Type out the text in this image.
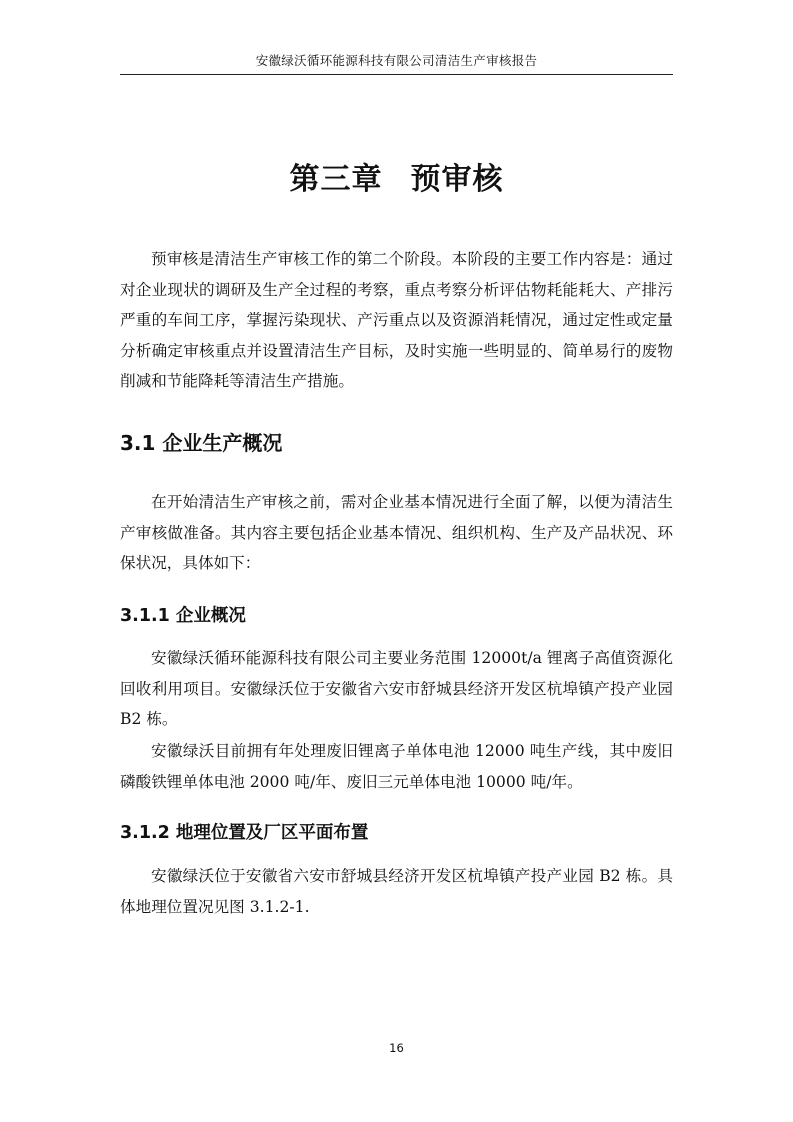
安徽绿沃循环能源科技有限公司清洁生产审核报告
第三章 预审核

预审核是清洁生产审核工作的第二个阶段。本阶段的主要工作内容是：通过对企业现状的调研及生产全过程的考察，重点考察分析评估物耗能耗大、产排污严重的车间工序，掌握污染现状、产污重点以及资源消耗情况，通过定性或定量分析确定审核重点并设置清洁生产目标，及时实施一些明显的、简单易行的废物削减和节能降耗等清洁生产措施。

3.1 企业生产概况

在开始清洁生产审核之前，需对企业基本情况进行全面了解，以便为清洁生产审核做准备。其内容主要包括企业基本情况、组织机构、生产及产品状况、环保状况，具体如下：

3.1.1 企业概况

安徽绿沃循环能源科技有限公司主要业务范围 12000t/a 锂离子高值资源化回收利用项目。安徽绿沃位于安徽省六安市舒城县经济开发区杭埠镇产投产业园 B2 栋。

安徽绿沃目前拥有年处理废旧锂离子单体电池 12000 吨生产线，其中废旧磷酸铁锂单体电池 2000 吨/年、废旧三元单体电池 10000 吨/年。

3.1.2 地理位置及厂区平面布置

安徽绿沃位于安徽省六安市舒城县经济开发区杭埠镇产投产业园 B2 栋。具体地理位置况见图 3.1.2-1.

16
